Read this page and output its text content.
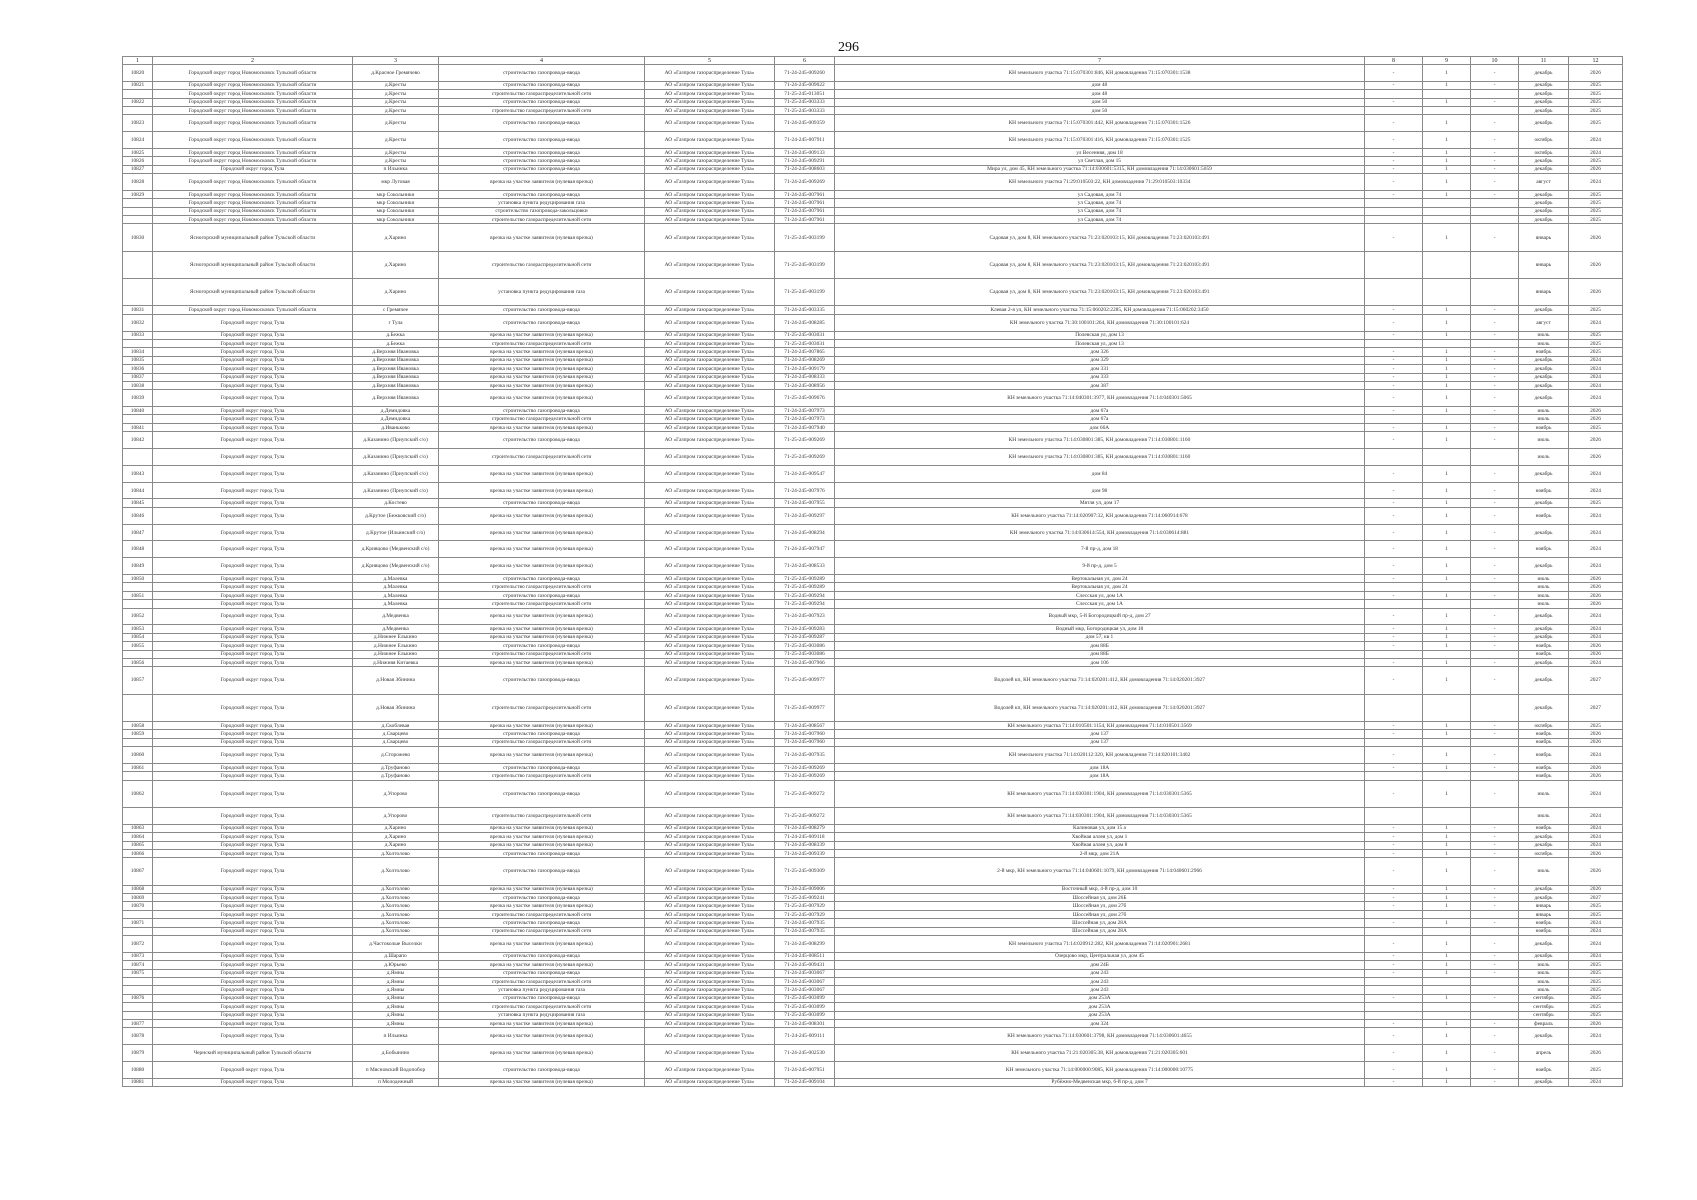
296
1	2	3	4	5	6	7	8	9	10	11	12
10820	Городской округ город Новомосковск Тульской области	д.Красное Гремячево	строительство газопровода-ввода	АО «Газпром газораспределение Тула»	71-24-245-009260	КН земельного участка 71:15:070301:846, КН домовладения 71:15:070301:1538	-	1	-	декабрь	2026
10821	Городской округ город Новомосковск Тульской области	д.Кресты	строительство газопровода-ввода	АО «Газпром газораспределение Тула»	71-24-245-009022	дом 48	-	1	-	декабрь	2025
	Городской округ город Новомосковск Тульской области	д.Кресты	строительство газораспределительной сети	АО «Газпром газораспределение Тула»	71-25-245-013051	дом 48				декабрь	2025
10822	Городской округ город Новомосковск Тульской области	д.Кресты	строительство газопровода-ввода	АО «Газпром газораспределение Тула»	71-25-245-003333	дом 50	-	1	-	декабрь	2025
	Городской округ город Новомосковск Тульской области	д.Кресты	строительство газораспределительной сети	АО «Газпром газораспределение Тула»	71-25-245-003333	дом 50				декабрь	2025
10823	Городской округ город Новомосковск Тульской области	д.Кресты	строительство газопровода-ввода	АО «Газпром газораспределение Тула»	71-24-245-009359	КН земельного участка 71:15:070301:442, КН домовладения 71:15:070301:1526	-	1	-	декабрь	2025
10824	Городской округ город Новомосковск Тульской области	д.Кресты	строительство газопровода-ввода	АО «Газпром газораспределение Тула»	71-24-245-007911	КН земельного участка 71:15:070301:416, КН домовладения 71:15:070301:1525	-	1	-	октябрь	2024
10825	Городской округ город Новомосковск Тульской области	д.Кресты	строительство газопровода-ввода	АО «Газпром газораспределение Тула»	71-24-245-009133	ул Весенняя, дом 18	-	1	-	октябрь	2024
10826	Городской округ город Новомосковск Тульской области	д.Кресты	строительство газопровода-ввода	АО «Газпром газораспределение Тула»	71-24-245-009291	ул Светлая, дом 15	-	1	-	декабрь	2025
10827	Городской округ город Тула	п Ильинка	строительство газопровода-ввода	АО «Газпром газораспределение Тула»	71-24-245-008603	Мира ул, дом 45, КН земельного участка 71:14:030601:5315, КН домовладения 71:14:030601:5059	-	1	-	декабрь	2026
10828	Городской округ город Новомосковск Тульской области	мкр Луговая	врезка на участке заявителя (нулевая врезка)	АО «Газпром газораспределение Тула»	71-24-245-009269	КН земельного участка 71:29:010503:22, КН домовладения 71:29:010503:10334	-	1	-	август	2024
10829	Городской округ город Новомосковск Тульской области	мкр Сокольники	строительство газопровода-ввода	АО «Газпром газораспределение Тула»	71-24-245-007961	ул Садовая, дом 74	-	1	-	декабрь	2025
	Городской округ город Новомосковск Тульской области	мкр Сокольники	установка пункта редуцирования газа	АО «Газпром газораспределение Тула»	71-24-245-007961	ул Садовая, дом 74				декабрь	2025
	Городской округ город Новомосковск Тульской области	мкр Сокольники	строительство газопровода-закольцовки	АО «Газпром газораспределение Тула»	71-24-245-007961	ул Садовая, дом 74				декабрь	2025
	Городской округ город Новомосковск Тульской области	мкр Сокольники	строительство газораспределительной сети	АО «Газпром газораспределение Тула»	71-24-245-007961	ул Садовая, дом 74				декабрь	2025
10830	Ясногорский муниципальный район Тульской области	д.Харино	врезка на участке заявителя (нулевая врезка)	АО «Газпром газораспределение Тула»	71-25-245-003199	Садовая ул, дом 8, КН земельного участка 71:23:020103:15, КН домовладения 71:23:020103:491	-	1	-	январь	2026
	Ясногорский муниципальный район Тульской области	д.Харино	строительство газораспределительной сети	АО «Газпром газораспределение Тула»	71-25-245-003199	Садовая ул, дом 8, КН земельного участка 71:23:020103:15, КН домовладения 71:23:020103:491				январь	2026
	Ясногорский муниципальный район Тульской области	д.Харино	установка пункта редуцирования газа	АО «Газпром газораспределение Тула»	71-25-245-003199	Садовая ул, дом 8, КН земельного участка 71:23:020103:15, КН домовладения 71:23:020103:491				январь	2026
10831	Городской округ город Новомосковск Тульской области	с Гремячее	строительство газопровода-ввода	АО «Газпром газораспределение Тула»	71-24-245-003335	Клевая 2-я ул, КН земельного участка 71:15:060202:2285, КН домовладения 71:15:060202:3450	-	1	-	декабрь	2025
10832	Городской округ город Тула	г Тула	строительство газопровода-ввода	АО «Газпром газораспределение Тула»	71-24-245-008285	КН земельного участка 71:30:100101:264, КН домовладения 71:30:100101:624	-	1	-	август	2024
10833	Городской округ город Тула	д.Бежка	врезка на участке заявителя (нулевая врезка)	АО «Газпром газораспределение Тула»	71-25-245-003031	Полевская ул, дом 13	-	1	-	июль	2025
	Городской округ город Тула	д.Бежка	строительство газораспределительной сети	АО «Газпром газораспределение Тула»	71-25-245-003031	Полевская ул, дом 13				июль	2025
10834	Городской округ город Тула	д.Верхняя Ивановка	врезка на участке заявителя (нулевая врезка)	АО «Газпром газораспределение Тула»	71-24-245-007865	дом 326	-	1	-	ноябрь	2025
10835	Городской округ город Тула	д.Верхняя Ивановка	врезка на участке заявителя (нулевая врезка)	АО «Газпром газораспределение Тула»	71-24-245-008269	дом 329	-	1	-	декабрь	2024
10836	Городской округ город Тула	д.Верхняя Ивановка	врезка на участке заявителя (нулевая врезка)	АО «Газпром газораспределение Тула»	71-24-245-009179	дом 331	-	1	-	декабрь	2024
10837	Городской округ город Тула	д.Верхняя Ивановка	врезка на участке заявителя (нулевая врезка)	АО «Газпром газораспределение Тула»	71-24-245-008333	дом 333	-	1	-	декабрь	2024
10838	Городской округ город Тула	д.Верхняя Ивановка	врезка на участке заявителя (нулевая врезка)	АО «Газпром газораспределение Тула»	71-24-245-008956	дом 387	-	1	-	декабрь	2024
10839	Городской округ город Тула	д.Верхняя Ивановка	врезка на участке заявителя (нулевая врезка)	АО «Газпром газораспределение Тула»	71-25-245-009676	КН земельного участка 71:14:040301:3977, КН домовладения 71:14:040301:5065	-	1	-	декабрь	2024
10840	Городской округ город Тула	д.Демидовка	строительство газопровода-ввода	АО «Газпром газораспределение Тула»	71-24-245-007973	дом 67а	-	1	-	июль	2026
	Городской округ город Тула	д.Демидовка	строительство газораспределительной сети	АО «Газпром газораспределение Тула»	71-24-245-007973	дом 67а				июль	2026
10841	Городской округ город Тула	д.Иваньково	врезка на участке заявителя (нулевая врезка)	АО «Газпром газораспределение Тула»	71-24-245-007940	дом 66А	-	1	-	ноябрь	2025
10842	Городской округ город Тула	д.Казанино (Приупский с/о)	строительство газопровода-ввода	АО «Газпром газораспределение Тула»	71-25-245-009269	КН земельного участка 71:14:030801:385, КН домовладения 71:14:030801:1160	-	1	-	июль	2026
	Городской округ город Тула	д.Казанино (Приупский с/о)	строительство газораспределительной сети	АО «Газпром газораспределение Тула»	71-25-245-009269	КН земельного участка 71:14:030801:385, КН домовладения 71:14:030801:1160				июль	2026
10843	Городской округ город Тула	д.Казанино (Приупский с/о)	врезка на участке заявителя (нулевая врезка)	АО «Газпром газораспределение Тула»	71-24-245-009547	дом 84	-	1	-	декабрь	2024
10844	Городской округ город Тула	д.Казанино (Приупский с/о)	врезка на участке заявителя (нулевая врезка)	АО «Газпром газораспределение Тула»	71-24-245-007976	дом 98	-	1	-	ноябрь	2024
10845	Городской округ город Тула	д.Костево	строительство газопровода-ввода	АО «Газпром газораспределение Тула»	71-24-245-007955	Мятля ул, дом 17	-	1	-	декабрь	2025
10846	Городской округ город Тула	д.Крутое (Бежковский с/о)	врезка на участке заявителя (нулевая врезка)	АО «Газпром газораспределение Тула»	71-24-245-009297	КН земельного участка 71:14:020907:32, КН домовладения 71:14:060914:678	-	1	-	ноябрь	2024
10847	Городской округ город Тула	д.Крутое (Ильинский с/о)	врезка на участке заявителя (нулевая врезка)	АО «Газпром газораспределение Тула»	71-24-245-008294	КН земельного участка 71:14:030614:554, КН домовладения 71:14:030614:881	-	1	-	декабрь	2024
10848	Городской округ город Тула	д.Кривцово (Медвенский с/о)	врезка на участке заявителя (нулевая врезка)	АО «Газпром газораспределение Тула»	71-24-245-007947	7-й пр-д, дом 18	-	1	-	ноябрь	2024
10849	Городской округ город Тула	д.Кривцово (Медвенский с/о)	врезка на участке заявителя (нулевая врезка)	АО «Газпром газораспределение Тула»	71-24-245-008533	9-й пр-д, дом 5	-	1	-	декабрь	2024
10850	Городской округ город Тула	д.Малевка	строительство газопровода-ввода	АО «Газпром газораспределение Тула»	71-25-245-009289	Вертокальная ул, дом 24	-	1	-	июль	2026
	Городской округ город Тула	д.Малевка	строительство газораспределительной сети	АО «Газпром газораспределение Тула»	71-25-245-009289	Вертокальная ул, дом 24				июль	2026
10851	Городской округ город Тула	д.Малевка	строительство газопровода-ввода	АО «Газпром газораспределение Тула»	71-25-245-009294	Слесская ул, дом 1А	-	1	-	июль	2026
	Городской округ город Тула	д.Малевка	строительство газораспределительной сети	АО «Газпром газораспределение Тула»	71-25-245-009294	Слесская ул, дом 1А				июль	2026
10852	Городской округ город Тула	д.Медвенка	врезка на участке заявителя (нулевая врезка)	АО «Газпром газораспределение Тула»	71-24-245-007923	Водный мкр, 5-й Богородицкий пр-д, дом 27	-	1	-	декабрь	2024
10853	Городской округ город Тула	д.Медвенка	врезка на участке заявителя (нулевая врезка)	АО «Газпром газораспределение Тула»	71-24-245-009283	Водный мкр, Богородицкая ул, дом 18	-	1	-	декабрь	2024
10854	Городской округ город Тула	д.Нижнее Елькино	врезка на участке заявителя (нулевая врезка)	АО «Газпром газораспределение Тула»	71-24-245-009287	дом 57, кв 1	-	1	-	декабрь	2024
10855	Городской округ город Тула	д.Нижнее Елькино	строительство газопровода-ввода	АО «Газпром газораспределение Тула»	71-25-245-003086	дом 88Б	-	1	-	ноябрь	2026
	Городской округ город Тула	д.Нижнее Елькино	строительство газораспределительной сети	АО «Газпром газораспределение Тула»	71-25-245-003086	дом 88Б				ноябрь	2026
10856	Городской округ город Тула	д.Нижняя Китаевка	врезка на участке заявителя (нулевая врезка)	АО «Газпром газораспределение Тула»	71-24-245-007966	дом 106	-	1	-	декабрь	2024
10857	Городской округ город Тула	д.Новая Збинина	строительство газопровода-ввода	АО «Газпром газораспределение Тула»	71-25-245-009977	Водолей кп, КН земельного участка 71:14:020201:412, КН домовладения 71:14:020201:3927	-	1	-	декабрь	2027
	Городской округ город Тула	д.Новая Збинина	строительство газораспределительной сети	АО «Газпром газораспределение Тула»	71-25-245-009977	Водолей кп, КН земельного участка 71:14:020201:412, КН домовладения 71:14:020201:3927				декабрь	2027
10858	Городской округ город Тула	д.Скоблевая	врезка на участке заявителя (нулевая врезка)	АО «Газпром газораспределение Тула»	71-24-245-008567	КН земельного участка 71:14:010501:1154, КН домовладения 71:14:010501:3569	-	1	-	октябрь	2025
10859	Городской округ город Тула	д.Сварцево	строительство газопровода-ввода	АО «Газпром газораспределение Тула»	71-24-245-007960	дом 137	-	1	-	ноябрь	2026
	Городской округ город Тула	д.Сварцево	строительство газораспределительной сети	АО «Газпром газораспределение Тула»	71-24-245-007960	дом 137				ноябрь	2026
10860	Городской округ город Тула	д.Сторожево	врезка на участке заявителя (нулевая врезка)	АО «Газпром газораспределение Тула»	71-24-245-007935	КН земельного участка 71:14:020112:320, КН домовладения 71:14:020101:3402	-	1	-	ноябрь	2024
10861	Городской округ город Тула	д.Труфаново	строительство газопровода-ввода	АО «Газпром газораспределение Тула»	71-24-245-009269	дом 18А	-	1	-	ноябрь	2026
	Городской округ город Тула	д.Труфаново	строительство газораспределительной сети	АО «Газпром газораспределение Тула»	71-24-245-009269	дом 18А				ноябрь	2026
10862	Городской округ город Тула	д.Упорово	строительство газопровода-ввода	АО «Газпром газораспределение Тула»	71-25-245-009272	КН земельного участка 71:14:030301:1904, КН домовладения 71:14:030301:5365	-	1	-	июль	2024
	Городской округ город Тула	д.Упорово	строительство газораспределительной сети	АО «Газпром газораспределение Тула»	71-25-245-009272	КН земельного участка 71:14:030301:1904, КН домовладения 71:14:030301:5365				июль	2024
10863	Городской округ город Тула	д.Харино	врезка на участке заявителя (нулевая врезка)	АО «Газпром газораспределение Тула»	71-24-245-008279	Калиновая ул, дом 15 а	-	1	-	ноябрь	2024
10864	Городской округ город Тула	д.Харино	врезка на участке заявителя (нулевая врезка)	АО «Газпром газораспределение Тула»	71-24-245-009118	Хвойная аллея ул, дом 1	-	1	-	декабрь	2024
10865	Городской округ город Тула	д.Харино	врезка на участке заявителя (нулевая врезка)	АО «Газпром газораспределение Тула»	71-24-245-008339	Хвойная аллея ул, дом 8	-	1	-	декабрь	2024
10866	Городской округ город Тула	д.Холтолово	строительство газопровода-ввода	АО «Газпром газораспределение Тула»	71-24-245-009339	2-й мкр, дом 21А	-	1	-	октябрь	2026
10867	Городской округ город Тула	д.Холтолово	строительство газопровода-ввода	АО «Газпром газораспределение Тула»	71-25-245-009309	2-й мкр, КН земельного участка 71:14:040601:1079, КН домовладения 71:14:040601:2966	-	1	-	июль	2026
10868	Городской округ город Тула	д.Холтолово	врезка на участке заявителя (нулевая врезка)	АО «Газпром газораспределение Тула»	71-24-245-009006	Восточный мкр, 4-й пр-д, дом 10	-	1	-	декабрь	2026
10869	Городской округ город Тула	д.Холтолово	строительство газопровода-ввода	АО «Газпром газораспределение Тула»	71-25-245-009241	Шоссейная ул, дом 26Б	-	1	-	декабрь	2027
10870	Городской округ город Тула	д.Холтолово	врезка на участке заявителя (нулевая врезка)	АО «Газпром газораспределение Тула»	71-25-245-007929	Шоссейная ул, дом 27б	-	1	-	январь	2025
	Городской округ город Тула	д.Холтолово	строительство газораспределительной сети	АО «Газпром газораспределение Тула»	71-25-245-007929	Шоссейная ул, дом 27б				январь	2025
10871	Городской округ город Тула	д.Холтолово	строительство газопровода-ввода	АО «Газпром газораспределение Тула»	71-24-245-007935	Шоссейная ул, дом 28А	-	1	-	ноябрь	2024
	Городской округ город Тула	д.Холтолово	строительство газораспределительной сети	АО «Газпром газораспределение Тула»	71-24-245-007935	Шоссейная ул, дом 28А				ноябрь	2024
10872	Городской округ город Тула	д.Частоколые Выселки	врезка на участке заявителя (нулевая врезка)	АО «Газпром газораспределение Тула»	71-24-245-008299	КН земельного участка 71:14:020912:282, КН домовладения 71:14:020901:2681	-	1	-	декабрь	2024
10873	Городской округ город Тула	д.Шарапо	строительство газопровода-ввода	АО «Газпром газораспределение Тула»	71-24-245-008511	Озерцово мкр, Центральная ул, дом 45	-	1	-	декабрь	2024
10874	Городской округ город Тула	д.Юрьево	врезка на участке заявителя (нулевая врезка)	АО «Газпром газораспределение Тула»	71-24-245-009431	дом 24Б	-	1	-	июль	2025
10875	Городской округ город Тула	д.Ямны	строительство газопровода-ввода	АО «Газпром газораспределение Тула»	71-24-245-003067	дом 243	-	1	-	июль	2025
	Городской округ город Тула	д.Ямны	строительство газораспределительной сети	АО «Газпром газораспределение Тула»	71-24-245-003067	дом 243				июль	2025
	Городской округ город Тула	д.Ямны	установка пункта редуцирования газа	АО «Газпром газораспределение Тула»	71-24-245-003067	дом 243				июль	2025
10876	Городской округ город Тула	д.Ямны	строительство газопровода-ввода	АО «Газпром газораспределение Тула»	71-25-245-003099	дом 253А	-	1	-	сентябрь	2025
	Городской округ город Тула	д.Ямны	строительство газораспределительной сети	АО «Газпром газораспределение Тула»	71-25-245-003099	дом 253А				сентябрь	2025
	Городской округ город Тула	д.Ямны	установка пункта редуцирования газа	АО «Газпром газораспределение Тула»	71-25-245-003099	дом 253А				сентябрь	2025
10877	Городской округ город Тула	д.Ямны	врезка на участке заявителя (нулевая врезка)	АО «Газпром газораспределение Тула»	71-24-245-008301	дом 324	-	1	-	февраль	2026
10878	Городской округ город Тула	п Ильинка	врезка на участке заявителя (нулевая врезка)	АО «Газпром газораспределение Тула»	71-24-245-009111	КН земельного участка 71:14:030601:3798, КН домовладения 71:14:030601:4655	-	1	-	декабрь	2024
10879	Чернский муниципальный район Тульской области	д.Бобынино	врезка на участке заявителя (нулевая врезка)	АО «Газпром газораспределение Тула»	71-24-245-002530	КН земельного участка 71:21:020305:38, КН домовладения 71:21:020305:601	-	1	-	апрель	2026
10880	Городской округ город Тула	п Мясновский Водопобор	строительство газопровода-ввода	АО «Газпром газораспределение Тула»	71-24-245-007951	КН земельного участка 71:14:000000:9085, КН домовладения 71:14:000000:10775	-	1	-	ноябрь	2025
10881	Городской округ город Тула	п Молодежный	врезка на участке заявителя (нулевая врезка)	АО «Газпром газораспределение Тула»	71-24-245-009104	Рубёжно-Медвенская мкр, 6-й пр-д, дом 7	-	1	-	декабрь	2024
